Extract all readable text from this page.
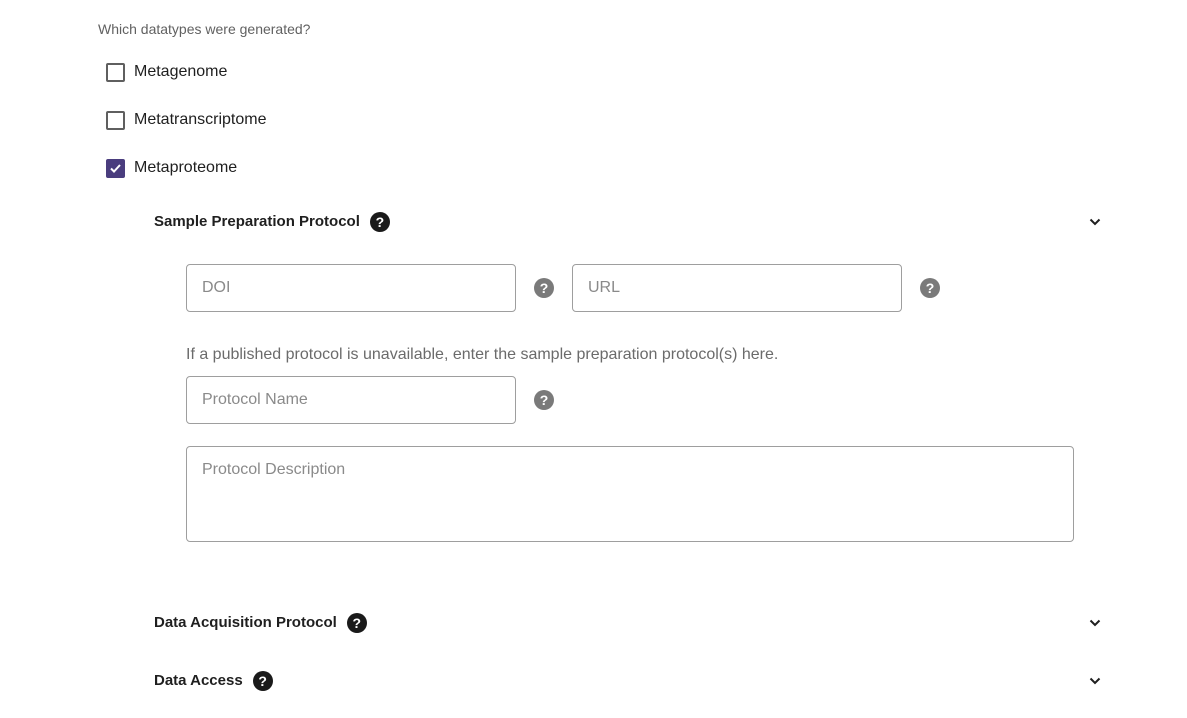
Which datatypes were generated?
Metagenome
Metatranscriptome
Metaproteome
Sample Preparation Protocol	?
DOI
?
URL	?
If a published protocol is unavailable, enter the sample preparation protocol(s) here.
Protocol Name
?
Protocol Description
Data Acquisition Protocol	?
Data Access	?
